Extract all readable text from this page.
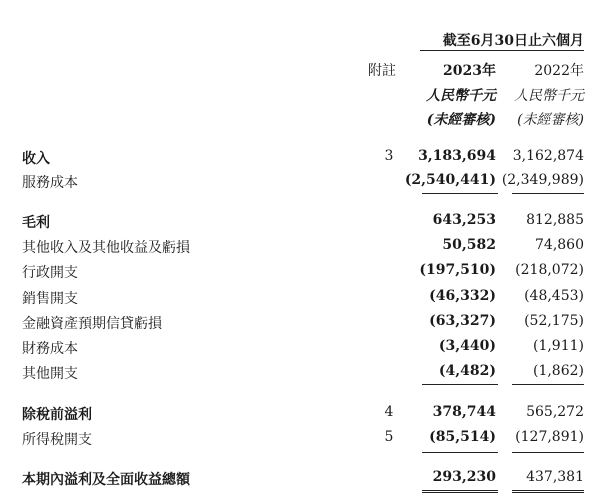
截至6月30日止六個月
附註	2023年	2022年
人民幣千元 人民幣千元
(未經審核) (未經審核)
收入	3 3,183,694 3,162,874
服務成本	(2,540,441) (2,349,989)
毛利	643,253 812,885
其他收入及其他收益及虧損	50,582	74,860
行政開支	(197,510) (218,072)
銷售開支	(46,332) (48,453)
金融資產預期信貸虧損	(63,327) (52,175)
財務成本	(3,440)	(1,911)
其他開支	(4,482)	(1,862)
除稅前溢利	4	378,744 565,272
所得稅開支	5	(85,514) (127,891)
本期內溢利及全面收益總額	293,230 437,381
